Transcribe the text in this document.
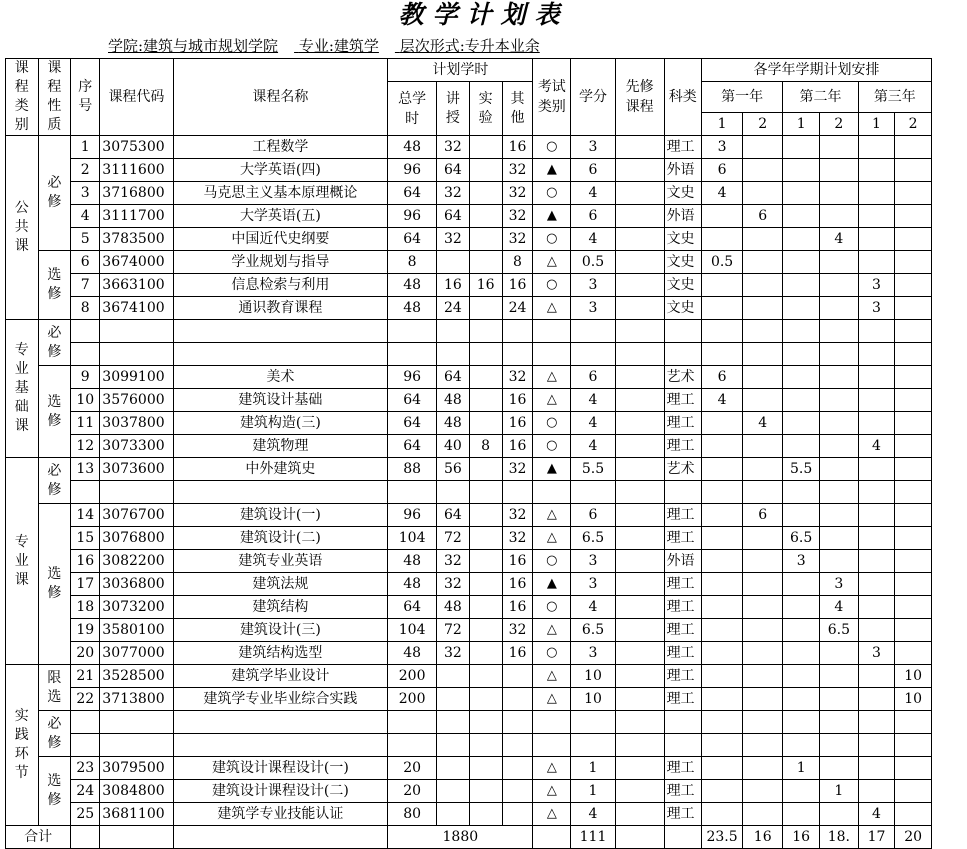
教学计划表
学院:建筑与城市规划学院 专业:建筑学 层次形式:专升本业余
课程类别	课程性质	序号	课程代码	课程名称	计划学时				考试类别	学分	先修课程	科类	各学年学期计划安排					
					总学时	讲授	实验	其他					第一年		第二年		第三年	
													1	2	1	2	1	2
公共课	必修	1	3075300	工程数学	48	32		16	○	3		理工	3					
		2	3111600	大学英语(四)	96	64		32	▲	6		外语	6					
		3	3716800	马克思主义基本原理概论	64	32		32	○	4		文史	4					
		4	3111700	大学英语(五)	96	64		32	▲	6		外语		6				
		5	3783500	中国近代史纲要	64	32		32	○	4		文史				4		
	选修	6	3674000	学业规划与指导	8			8	△	0.5		文史	0.5					
		7	3663100	信息检索与利用	48	16	16	16	○	3		文史					3	
		8	3674100	通识教育课程	48	24		24	△	3		文史					3	
专业基础课	必修																	

	选修	9	3099100	美术	96	64		32	△	6		艺术	6					
		10	3576000	建筑设计基础	64	48		16	△	4		理工	4					
		11	3037800	建筑构造(三)	64	48		16	○	4		理工		4				
		12	3073300	建筑物理	64	40	8	16	○	4		理工					4	
专业课	必修	13	3073600	中外建筑史	88	56		32	▲	5.5		艺术			5.5			

	选修	14	3076700	建筑设计(一)	96	64		32	△	6		理工		6				
		15	3076800	建筑设计(二)	104	72		32	△	6.5		理工			6.5			
		16	3082200	建筑专业英语	48	32		16	○	3		外语			3			
		17	3036800	建筑法规	48	32		16	▲	3		理工				3		
		18	3073200	建筑结构	64	48		16	○	4		理工				4		
		19	3580100	建筑设计(三)	104	72		32	△	6.5		理工				6.5		
		20	3077000	建筑结构选型	48	32		16	○	3		理工					3	
实践环节	限选	21	3528500	建筑学毕业设计	200				△	10		理工						10
		22	3713800	建筑学专业毕业综合实践	200				△	10		理工						10
	必修																	

	选修	23	3079500	建筑设计课程设计(一)	20				△	1		理工			1			
		24	3084800	建筑设计课程设计(二)	20				△	1		理工				1		
		25	3681100	建筑学专业技能认证	80				△	4		理工					4	
合计					1880					111			23.5	16	16	18.	17	20
